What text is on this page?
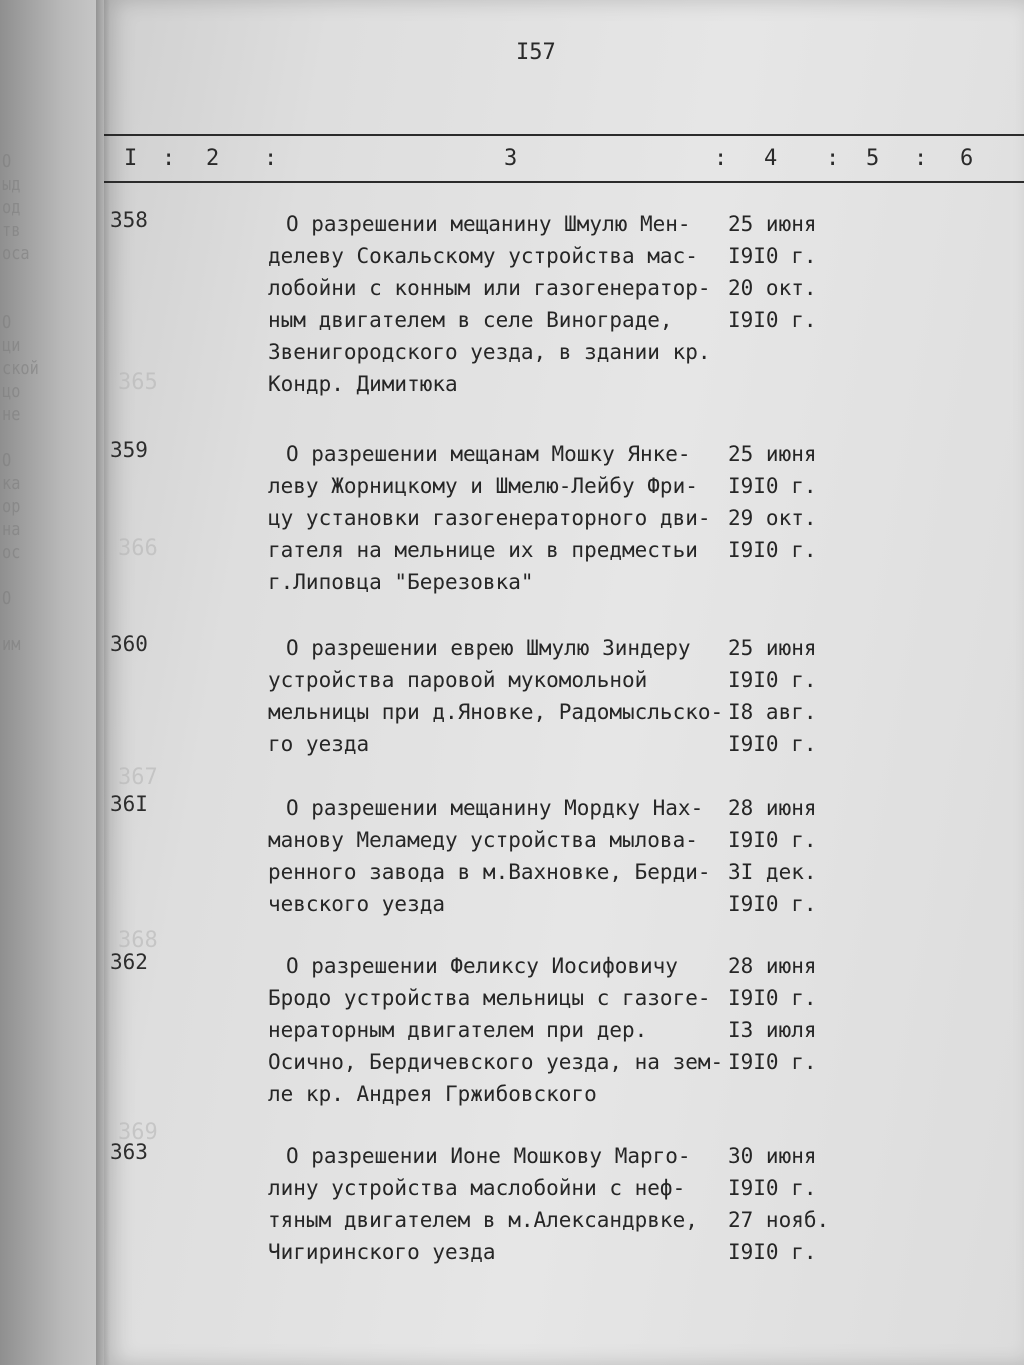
О
ыд
од
тв
оса
О
ци
ской
цо
не
О
ка
ор
на
ос
О
им
I57
I : 2 :	3	: 4 : 5 : 6
365
366
367
368
369
358	О разрешении мещанину Шмулю Мен-
делеву Сокальскому устройства мас-
лобойни с конным или газогенератор-
ным двигателем в селе Винограде,
Звенигородского уезда, в здании кр.
Кондр. Димитюка
25 июня
I9I0 г.
20 окт.
I9I0 г.
359	О разрешении мещанам Мошку Янке-
леву Жорницкому и Шмелю-Лейбу Фри-
цу установки газогенераторного дви-
гателя на мельнице их в предместьи
г.Липовца "Березовка"
25 июня
I9I0 г.
29 окт.
I9I0 г.
360	О разрешении еврею Шмулю Зиндеру
устройства паровой мукомольной
мельницы при д.Яновке, Радомысльско-
го уезда
25 июня
I9I0 г.
I8 авг.
I9I0 г.
36I	О разрешении мещанину Мордку Нах-
манову Меламеду устройства мылова-
ренного завода в м.Вахновке, Берди-
чевского уезда
28 июня
I9I0 г.
3I дек.
I9I0 г.
362	О разрешении Феликсу Иосифовичу
Бродо устройства мельницы с газоге-
нераторным двигателем при дер.
Осично, Бердичевского уезда, на зем-
ле кр. Андрея Гржибовского
28 июня
I9I0 г.
I3 июля
I9I0 г.
363	О разрешении Ионе Мошкову Марго-
лину устройства маслобойни с неф-
тяным двигателем в м.Александрвке,
Чигиринского уезда
30 июня
I9I0 г.
27 нояб.
I9I0 г.
